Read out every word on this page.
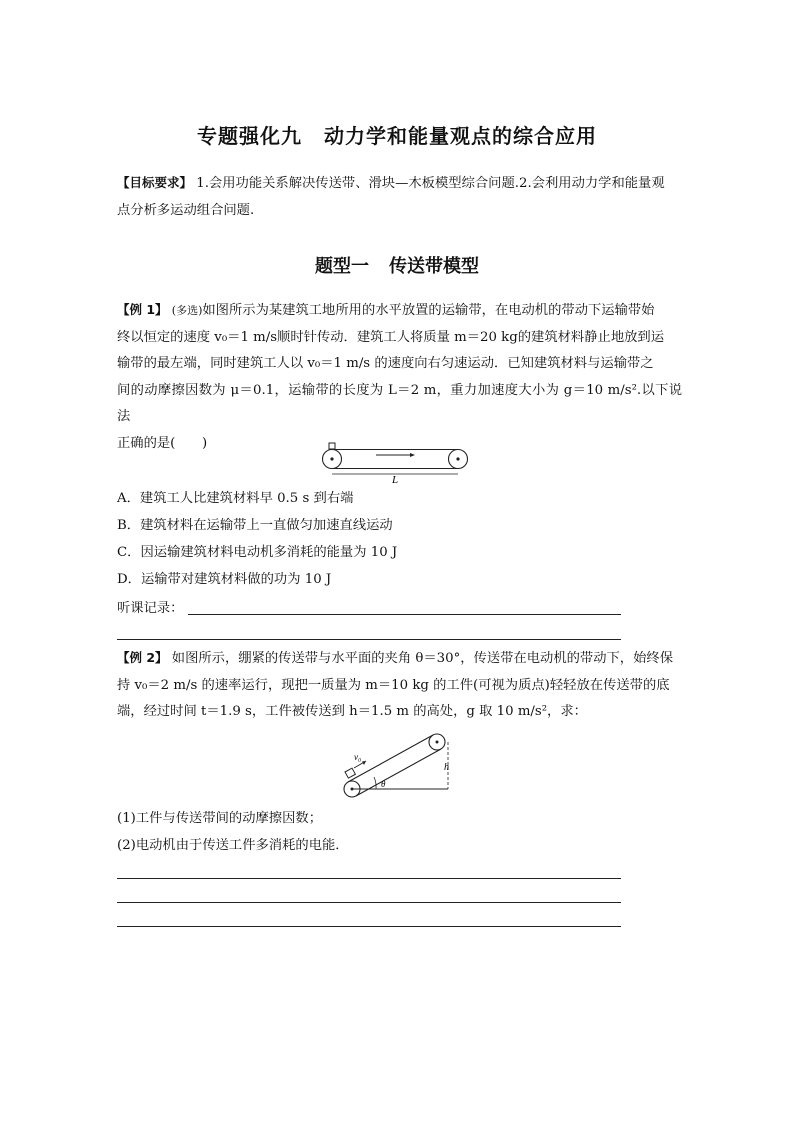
专题强化九 动力学和能量观点的综合应用
【目标要求】 1.会用功能关系解决传送带、滑块—木板模型综合问题.2.会利用动力学和能量观
点分析多运动组合问题.
题型一 传送带模型
【例 1】 (多选)如图所示为某建筑工地所用的水平放置的运输带，在电动机的带动下运输带始
终以恒定的速度 v₀＝1 m/s顺时针传动．建筑工人将质量 m＝20 kg的建筑材料静止地放到运
输带的最左端，同时建筑工人以 v₀＝1 m/s 的速度向右匀速运动．已知建筑材料与运输带之
间的动摩擦因数为 μ＝0.1，运输带的长度为 L＝2 m，重力加速度大小为 g＝10 m/s².以下说法
正确的是(　　)
L
A．建筑工人比建筑材料早 0.5 s 到右端
B．建筑材料在运输带上一直做匀加速直线运动
C．因运输建筑材料电动机多消耗的能量为 10 J
D．运输带对建筑材料做的功为 10 J
听课记录：
【例 2】 如图所示，绷紧的传送带与水平面的夹角 θ＝30°，传送带在电动机的带动下，始终保
持 v₀＝2 m/s 的速率运行，现把一质量为 m＝10 kg 的工件(可视为质点)轻轻放在传送带的底
端，经过时间 t＝1.9 s，工件被传送到 h＝1.5 m 的高处，g 取 10 m/s²，求：
v₀
h
θ
(1)工件与传送带间的动摩擦因数；
(2)电动机由于传送工件多消耗的电能．
